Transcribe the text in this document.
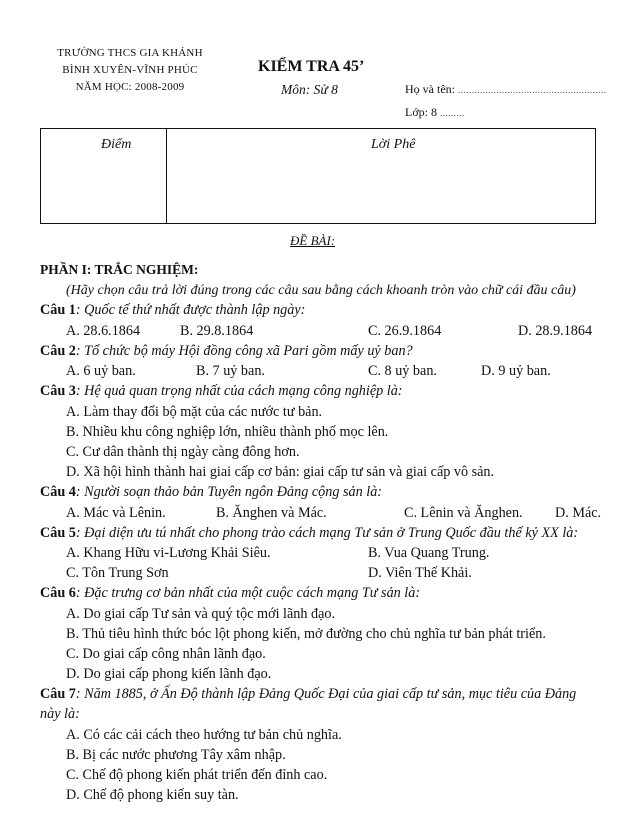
TRƯỜNG THCS GIA KHÁNH
BÌNH XUYÊN-VĨNH PHÚC
NĂM HỌC: 2008-2009
KIỂM TRA 45’
Môn: Sử 8	Họ và tên: ......................................................
Lớp: 8 .........
Điểm	Lời Phê
ĐỀ BÀI:
PHẦN I: TRẮC NGHIỆM:
(Hãy chọn câu trả lời đúng trong các câu sau bằng cách khoanh tròn vào chữ cái đầu câu)
Câu 1: Quốc tế thứ nhất được thành lập ngày:
A. 28.6.1864	B. 29.8.1864	C. 26.9.1864	D. 28.9.1864
Câu 2: Tổ chức bộ máy Hội đồng công xã Pari gồm mấy uỷ ban?
A. 6 uỷ ban.	B. 7 uỷ ban.	C. 8 uỷ ban.	D. 9 uỷ ban.
Câu 3: Hệ quả quan trọng nhất của cách mạng công nghiệp là:
A. Làm thay đổi bộ mặt của các nước tư bản.
B. Nhiều khu công nghiệp lớn, nhiều thành phố mọc lên.
C. Cư dân thành thị ngày càng đông hơn.
D. Xã hội hình thành hai giai cấp cơ bản: giai cấp tư sản và giai cấp vô sản.
Câu 4: Người soạn thảo bản Tuyên ngôn Đảng cộng sản là:
A. Mác và Lênin.	B. Ănghen và Mác.	C. Lênin và Ănghen. D. Mác.
Câu 5: Đại diện ưu tú nhất cho phong trào cách mạng Tư sản ở Trung Quốc đầu thế kỷ XX là:
A. Khang Hữu vi-Lương Khải Siêu.	B. Vua Quang Trung.
C. Tôn Trung Sơn	D. Viên Thế Khải.
Câu 6: Đặc trưng cơ bản nhất của một cuộc cách mạng Tư sản là:
A. Do giai cấp Tư sản và quý tộc mới lãnh đạo.
B. Thủ tiêu hình thức bóc lột phong kiến, mở đường cho chủ nghĩa tư bản phát triển.
C. Do giai cấp công nhân lãnh đạo.
D. Do giai cấp phong kiến lãnh đạo.
Câu 7: Năm 1885, ở Ấn Độ thành lập Đảng Quốc Đại của giai cấp tư sản, mục tiêu của Đảng
này là:
A. Có các cải cách theo hướng tư bản chủ nghĩa.
B. Bị các nước phương Tây xâm nhập.
C. Chế độ phong kiến phát triển đến đỉnh cao.
D. Chế độ phong kiến suy tàn.
